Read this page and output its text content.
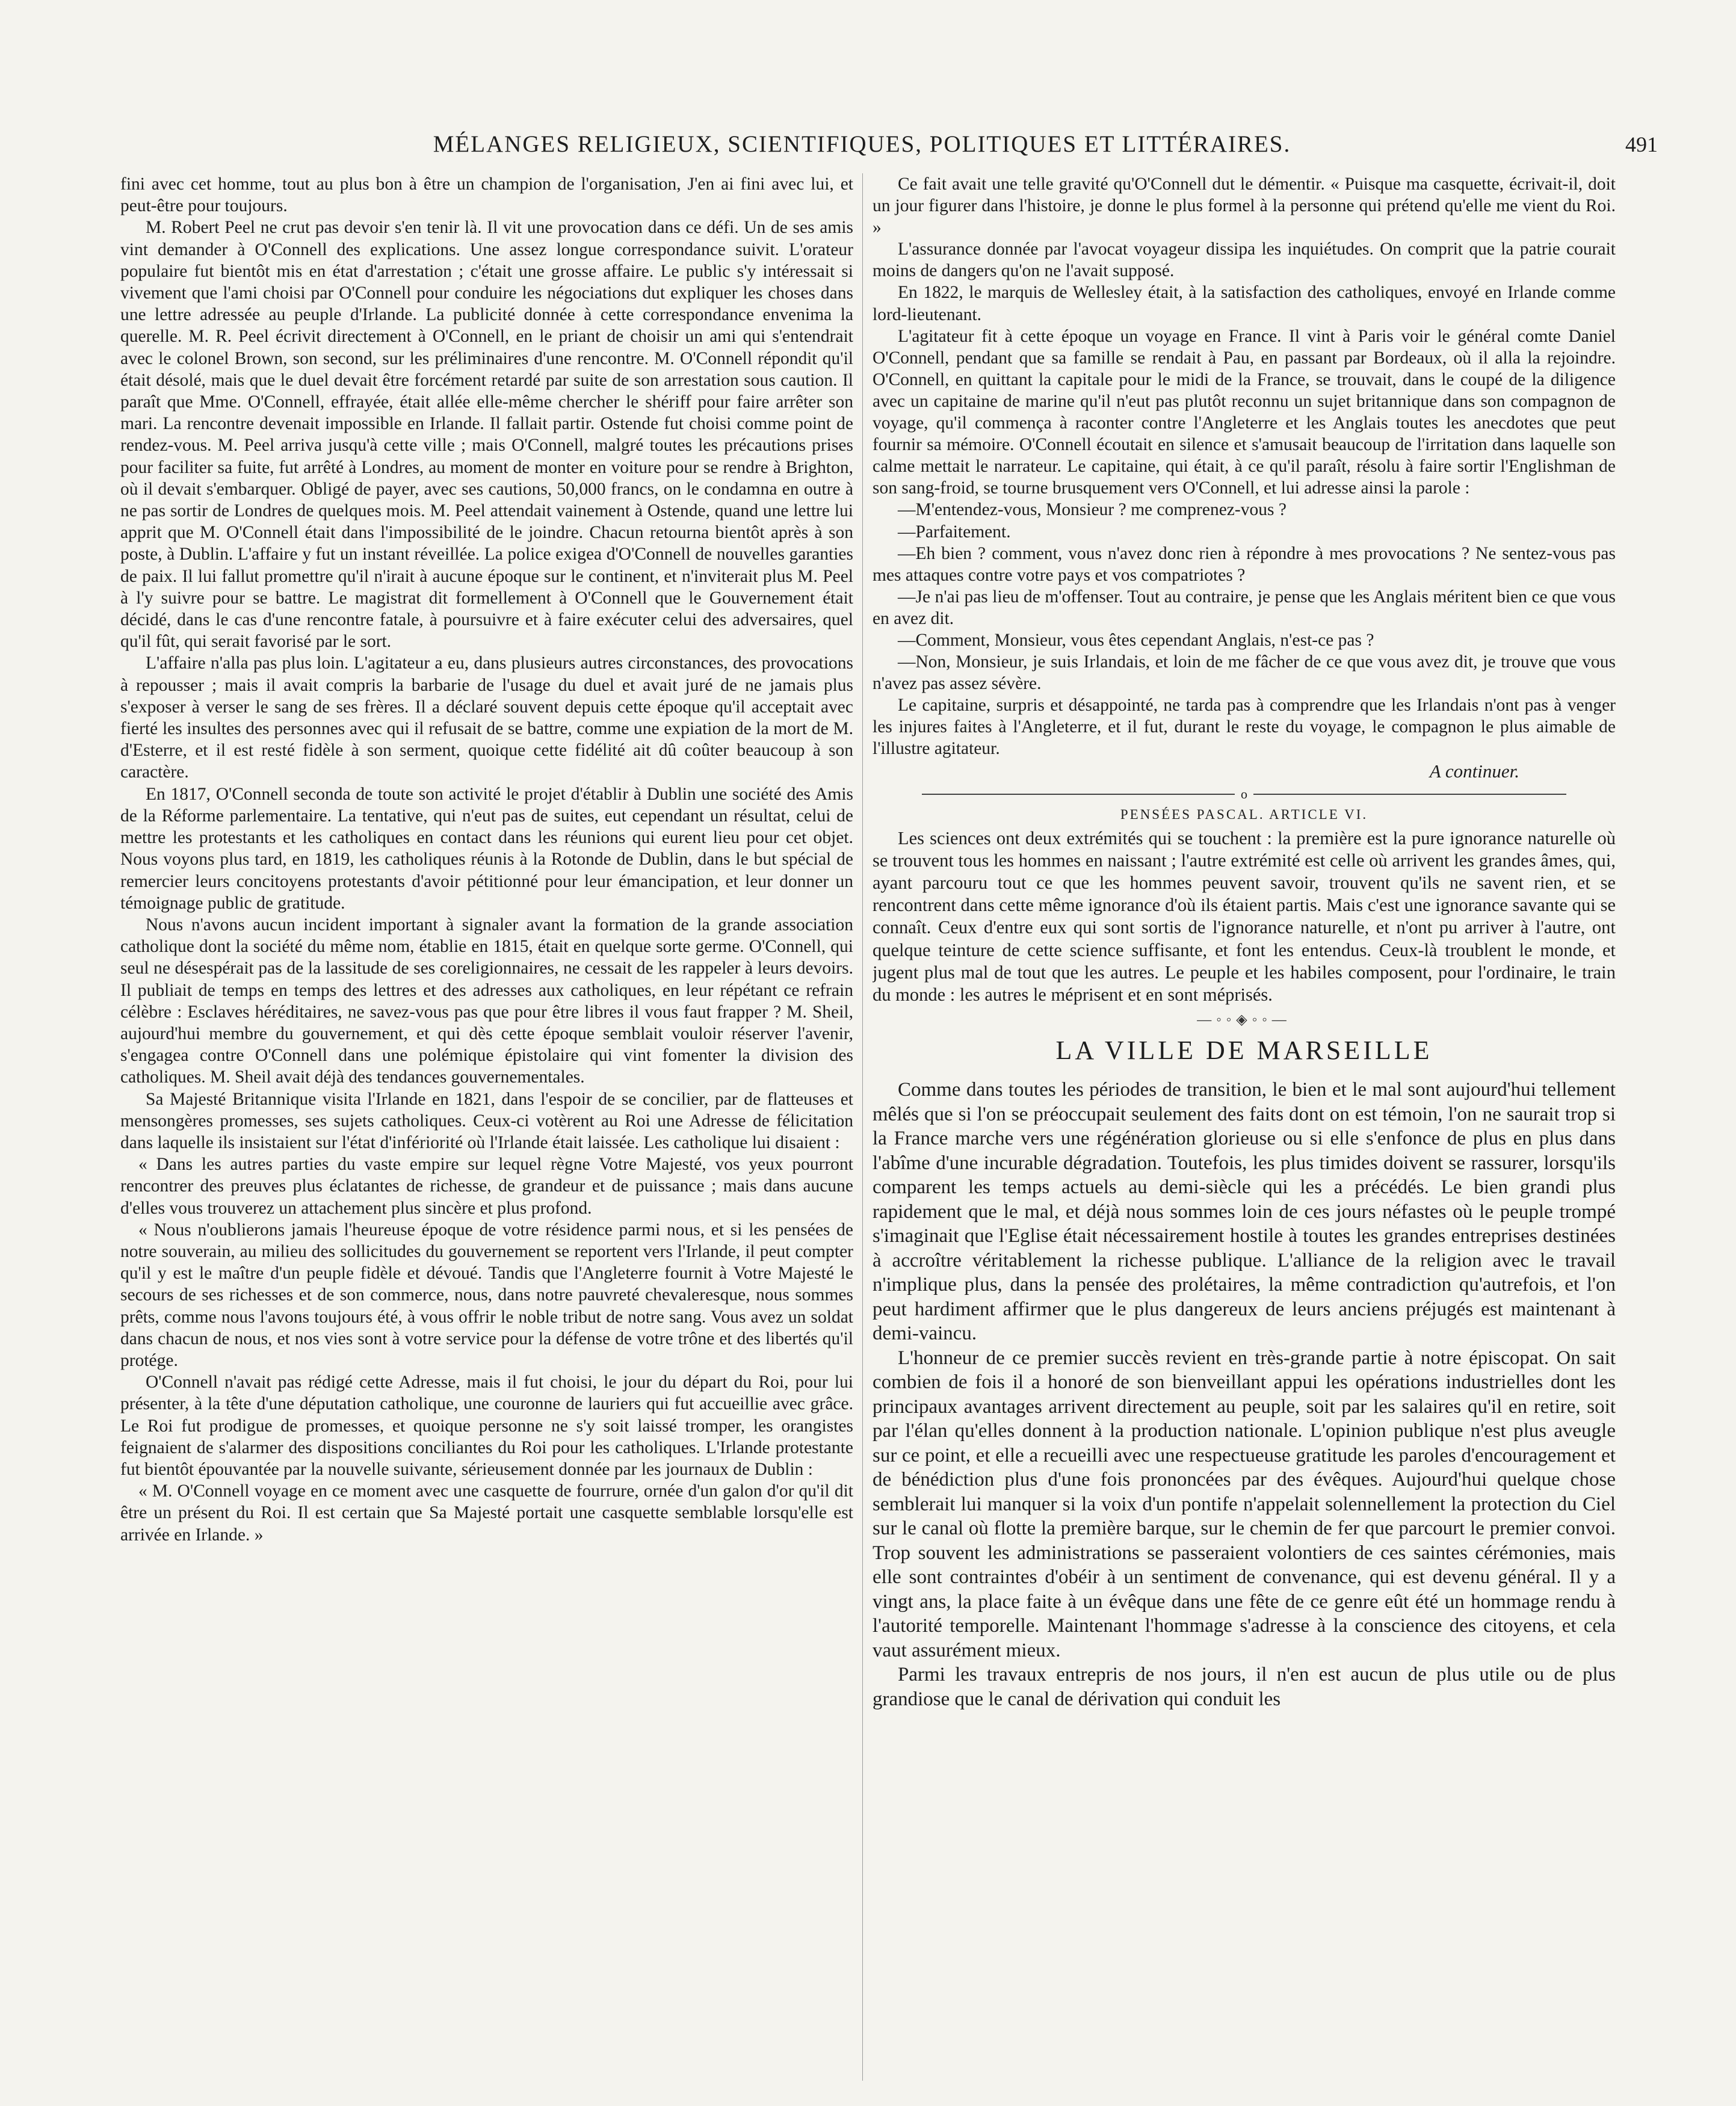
MÉLANGES RELIGIEUX, SCIENTIFIQUES, POLITIQUES ET LITTÉRAIRES.	491

fini avec cet homme, tout au plus bon à être un champion de l'organisation, J'en ai fini avec lui, et peut-être pour toujours.

M. Robert Peel ne crut pas devoir s'en tenir là. Il vit une provocation dans ce défi. Un de ses amis vint demander à O'Connell des explications. Une assez longue correspondance suivit. L'orateur populaire fut bientôt mis en état d'arrestation ; c'était une grosse affaire. Le public s'y intéressait si vivement que l'ami choisi par O'Connell pour conduire les négociations dut expliquer les choses dans une lettre adressée au peuple d'Irlande. La publicité donnée à cette correspondance envenima la querelle. M. R. Peel écrivit directement à O'Connell, en le priant de choisir un ami qui s'entendrait avec le colonel Brown, son second, sur les préliminaires d'une rencontre. M. O'Connell répondit qu'il était désolé, mais que le duel devait être forcément retardé par suite de son arrestation sous caution. Il paraît que Mme. O'Connell, effrayée, était allée elle-même chercher le shériff pour faire arrêter son mari. La rencontre devenait impossible en Irlande. Il fallait partir. Ostende fut choisi comme point de rendez-vous. M. Peel arriva jusqu'à cette ville ; mais O'Connell, malgré toutes les précautions prises pour faciliter sa fuite, fut arrêté à Londres, au moment de monter en voiture pour se rendre à Brighton, où il devait s'embarquer. Obligé de payer, avec ses cautions, 50,000 francs, on le condamna en outre à ne pas sortir de Londres de quelques mois. M. Peel attendait vainement à Ostende, quand une lettre lui apprit que M. O'Connell était dans l'impossibilité de le joindre. Chacun retourna bientôt après à son poste, à Dublin. L'affaire y fut un instant réveillée. La police exigea d'O'Connell de nouvelles garanties de paix. Il lui fallut promettre qu'il n'irait à aucune époque sur le continent, et n'inviterait plus M. Peel à l'y suivre pour se battre. Le magistrat dit formellement à O'Connell que le Gouvernement était décidé, dans le cas d'une rencontre fatale, à poursuivre et à faire exécuter celui des adversaires, quel qu'il fût, qui serait favorisé par le sort.

L'affaire n'alla pas plus loin. L'agitateur a eu, dans plusieurs autres circonstances, des provocations à repousser ; mais il avait compris la barbarie de l'usage du duel et avait juré de ne jamais plus s'exposer à verser le sang de ses frères. Il a déclaré souvent depuis cette époque qu'il acceptait avec fierté les insultes des personnes avec qui il refusait de se battre, comme une expiation de la mort de M. d'Esterre, et il est resté fidèle à son serment, quoique cette fidélité ait dû coûter beaucoup à son caractère.

En 1817, O'Connell seconda de toute son activité le projet d'établir à Dublin une société des Amis de la Réforme parlementaire. La tentative, qui n'eut pas de suites, eut cependant un résultat, celui de mettre les protestants et les catholiques en contact dans les réunions qui eurent lieu pour cet objet. Nous voyons plus tard, en 1819, les catholiques réunis à la Rotonde de Dublin, dans le but spécial de remercier leurs concitoyens protestants d'avoir pétitionné pour leur émancipation, et leur donner un témoignage public de gratitude.

Nous n'avons aucun incident important à signaler avant la formation de la grande association catholique dont la société du même nom, établie en 1815, était en quelque sorte germe. O'Connell, qui seul ne désespérait pas de la lassitude de ses coreligionnaires, ne cessait de les rappeler à leurs devoirs. Il publiait de temps en temps des lettres et des adresses aux catholiques, en leur répétant ce refrain célèbre : Esclaves héréditaires, ne savez-vous pas que pour être libres il vous faut frapper ? M. Sheil, aujourd'hui membre du gouvernement, et qui dès cette époque semblait vouloir réserver l'avenir, s'engagea contre O'Connell dans une polémique épistolaire qui vint fomenter la division des catholiques. M. Sheil avait déjà des tendances gouvernementales.

Sa Majesté Britannique visita l'Irlande en 1821, dans l'espoir de se concilier, par de flatteuses et mensongères promesses, ses sujets catholiques. Ceux-ci votèrent au Roi une Adresse de félicitation dans laquelle ils insistaient sur l'état d'infériorité où l'Irlande était laissée. Les catholique lui disaient :

« Dans les autres parties du vaste empire sur lequel règne Votre Majesté, vos yeux pourront rencontrer des preuves plus éclatantes de richesse, de grandeur et de puissance ; mais dans aucune d'elles vous trouverez un attachement plus sincère et plus profond.

« Nous n'oublierons jamais l'heureuse époque de votre résidence parmi nous, et si les pensées de notre souverain, au milieu des sollicitudes du gouvernement se reportent vers l'Irlande, il peut compter qu'il y est le maître d'un peuple fidèle et dévoué. Tandis que l'Angleterre fournit à Votre Majesté le secours de ses richesses et de son commerce, nous, dans notre pauvreté chevaleresque, nous sommes prêts, comme nous l'avons toujours été, à vous offrir le noble tribut de notre sang. Vous avez un soldat dans chacun de nous, et nos vies sont à votre service pour la défense de votre trône et des libertés qu'il protége.

O'Connell n'avait pas rédigé cette Adresse, mais il fut choisi, le jour du départ du Roi, pour lui présenter, à la tête d'une députation catholique, une couronne de lauriers qui fut accueillie avec grâce. Le Roi fut prodigue de promesses, et quoique personne ne s'y soit laissé tromper, les orangistes feignaient de s'alarmer des dispositions conciliantes du Roi pour les catholiques. L'Irlande protestante fut bientôt épouvantée par la nouvelle suivante, sérieusement donnée par les journaux de Dublin :

« M. O'Connell voyage en ce moment avec une casquette de fourrure, ornée d'un galon d'or qu'il dit être un présent du Roi. Il est certain que Sa Majesté portait une casquette semblable lorsqu'elle est arrivée en Irlande. »

Ce fait avait une telle gravité qu'O'Connell dut le démentir. « Puisque ma casquette, écrivait-il, doit un jour figurer dans l'histoire, je donne le plus formel à la personne qui prétend qu'elle me vient du Roi. »

L'assurance donnée par l'avocat voyageur dissipa les inquiétudes. On comprit que la patrie courait moins de dangers qu'on ne l'avait supposé.

En 1822, le marquis de Wellesley était, à la satisfaction des catholiques, envoyé en Irlande comme lord-lieutenant.

L'agitateur fit à cette époque un voyage en France. Il vint à Paris voir le général comte Daniel O'Connell, pendant que sa famille se rendait à Pau, en passant par Bordeaux, où il alla la rejoindre. O'Connell, en quittant la capitale pour le midi de la France, se trouvait, dans le coupé de la diligence avec un capitaine de marine qu'il n'eut pas plutôt reconnu un sujet britannique dans son compagnon de voyage, qu'il commença à raconter contre l'Angleterre et les Anglais toutes les anecdotes que peut fournir sa mémoire. O'Connell écoutait en silence et s'amusait beaucoup de l'irritation dans laquelle son calme mettait le narrateur. Le capitaine, qui était, à ce qu'il paraît, résolu à faire sortir l'Englishman de son sang-froid, se tourne brusquement vers O'Connell, et lui adresse ainsi la parole :

—M'entendez-vous, Monsieur ? me comprenez-vous ?

—Parfaitement.

—Eh bien ? comment, vous n'avez donc rien à répondre à mes provocations ? Ne sentez-vous pas mes attaques contre votre pays et vos compatriotes ?

—Je n'ai pas lieu de m'offenser. Tout au contraire, je pense que les Anglais méritent bien ce que vous en avez dit.

—Comment, Monsieur, vous êtes cependant Anglais, n'est-ce pas ?

—Non, Monsieur, je suis Irlandais, et loin de me fâcher de ce que vous avez dit, je trouve que vous n'avez pas assez sévère.

Le capitaine, surpris et désappointé, ne tarda pas à comprendre que les Irlandais n'ont pas à venger les injures faites à l'Angleterre, et il fut, durant le reste du voyage, le compagnon le plus aimable de l'illustre agitateur.

A continuer.
o
PENSÉES PASCAL. ARTICLE VI.

Les sciences ont deux extrémités qui se touchent : la première est la pure ignorance naturelle où se trouvent tous les hommes en naissant ; l'autre extrémité est celle où arrivent les grandes âmes, qui, ayant parcouru tout ce que les hommes peuvent savoir, trouvent qu'ils ne savent rien, et se rencontrent dans cette même ignorance d'où ils étaient partis. Mais c'est une ignorance savante qui se connaît. Ceux d'entre eux qui sont sortis de l'ignorance naturelle, et n'ont pu arriver à l'autre, ont quelque teinture de cette science suffisante, et font les entendus. Ceux-là troublent le monde, et jugent plus mal de tout que les autres. Le peuple et les habiles composent, pour l'ordinaire, le train du monde : les autres le méprisent et en sont méprisés.

—◦◦◈◦◦—
LA VILLE DE MARSEILLE

Comme dans toutes les périodes de transition, le bien et le mal sont aujourd'hui tellement mêlés que si l'on se préoccupait seulement des faits dont on est témoin, l'on ne saurait trop si la France marche vers une régénération glorieuse ou si elle s'enfonce de plus en plus dans l'abîme d'une incurable dégradation. Toutefois, les plus timides doivent se rassurer, lorsqu'ils comparent les temps actuels au demi-siècle qui les a précédés. Le bien grandi plus rapidement que le mal, et déjà nous sommes loin de ces jours néfastes où le peuple trompé s'imaginait que l'Eglise était nécessairement hostile à toutes les grandes entreprises destinées à accroître véritablement la richesse publique. L'alliance de la religion avec le travail n'implique plus, dans la pensée des prolétaires, la même contradiction qu'autrefois, et l'on peut hardiment affirmer que le plus dangereux de leurs anciens préjugés est maintenant à demi-vaincu.

L'honneur de ce premier succès revient en très-grande partie à notre épiscopat. On sait combien de fois il a honoré de son bienveillant appui les opérations industrielles dont les principaux avantages arrivent directement au peuple, soit par les salaires qu'il en retire, soit par l'élan qu'elles donnent à la production nationale. L'opinion publique n'est plus aveugle sur ce point, et elle a recueilli avec une respectueuse gratitude les paroles d'encouragement et de bénédiction plus d'une fois prononcées par des évêques. Aujourd'hui quelque chose semblerait lui manquer si la voix d'un pontife n'appelait solennellement la protection du Ciel sur le canal où flotte la première barque, sur le chemin de fer que parcourt le premier convoi. Trop souvent les administrations se passeraient volontiers de ces saintes cérémonies, mais elle sont contraintes d'obéir à un sentiment de convenance, qui est devenu général. Il y a vingt ans, la place faite à un évêque dans une fête de ce genre eût été un hommage rendu à l'autorité temporelle. Maintenant l'hommage s'adresse à la conscience des citoyens, et cela vaut assurément mieux.

Parmi les travaux entrepris de nos jours, il n'en est aucun de plus utile ou de plus grandiose que le canal de dérivation qui conduit les
